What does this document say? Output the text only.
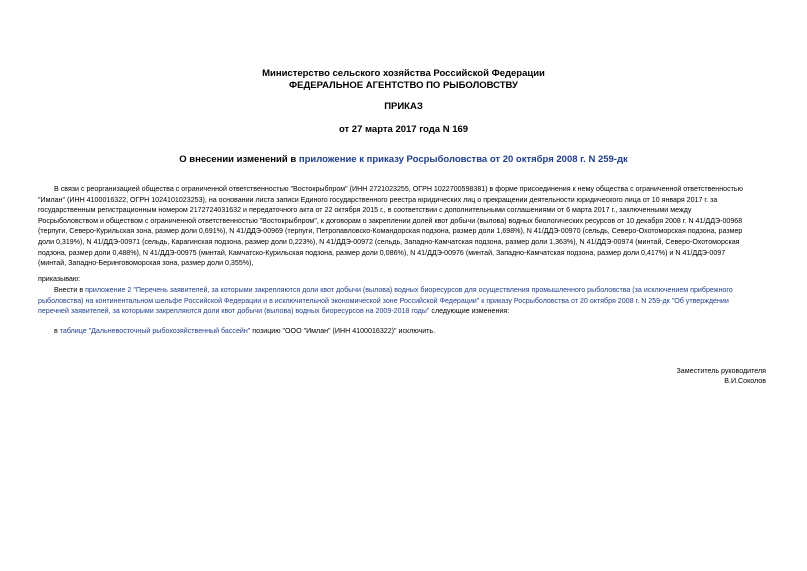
Министерство сельского хозяйства Российской Федерации
ФЕДЕРАЛЬНОЕ АГЕНТСТВО ПО РЫБОЛОВСТВУ
ПРИКАЗ
от 27 марта 2017 года N 169
О внесении изменений в приложение к приказу Росрыболовства от 20 октября 2008 г. N 259-дк
В связи с реорганизацией общества с ограниченной ответственностью "Востокрыбпром" (ИНН 2721023255, ОГРН 1022700598381) в форме присоединения к нему общества с ограниченной ответственностью
"Имлан" (ИНН 4100016322, ОГРН 1024101023253), на основании листа записи Единого государственного реестра юридических лиц о прекращении деятельности юридического лица от 10 января 2017 г. за
государственным регистрационным номером 2172724031632 и передаточного акта от 22 октября 2015 г., в соответствии с дополнительными соглашениями от 6 марта 2017 г., заключенными между
Росрыболовством и обществом с ограниченной ответственностью "Востокрыбпром", к договорам о закреплении долей квот добычи (вылова) водных биологических ресурсов от 10 декабря 2008 г. N 41/ДДЭ-00968
(терпуги, Северо-Курильская зона, размер доли 0,691%), N 41/ДДЭ-00969 (терпуги, Петропавловско-Командорская подзона, размер доли 1,698%), N 41/ДДЭ-00970 (сельдь, Северо-Охотоморская подзона, размер
доли 0,319%), N 41/ДДЭ-00971 (сельдь, Карагинская подзона, размер доли 0,223%), N 41/ДДЭ-00972 (сельдь, Западно-Камчатская подзона, размер доли 1,363%), N 41/ДДЭ-00974 (минтай, Северо-Охотоморская
подзона, размер доли 0,488%), N 41/ДДЭ-00975 (минтай, Камчатско-Курильская подзона, размер доли 0,086%), N 41/ДДЭ-00976 (минтай, Западно-Камчатская подзона, размер доли 0,417%) и N 41/ДДЭ-0097
(минтай, Западно-Беринговоморская зона, размер доли 0,355%),
приказываю:
Внести в приложение 2 "Перечень заявителей, за которыми закрепляются доли квот добычи (вылова) водных биоресурсов для осуществления промышленного рыболовства (за исключением прибрежного
рыболовства) на континентальном шельфе Российской Федерации и в исключительной экономической зоне Российской Федерации" к приказу Росрыболовства от 20 октября 2008 г. N 259-дк "Об утверждении
перечней заявителей, за которыми закрепляются доли квот добычи (вылова) водных биоресурсов на 2009-2018 годы" следующие изменения:
в таблице "Дальневосточный рыбохозяйственный бассейн" позицию "ООО "Имлан" (ИНН 4100016322)" исключить.
Заместитель руководителя
В.И.Соколов
